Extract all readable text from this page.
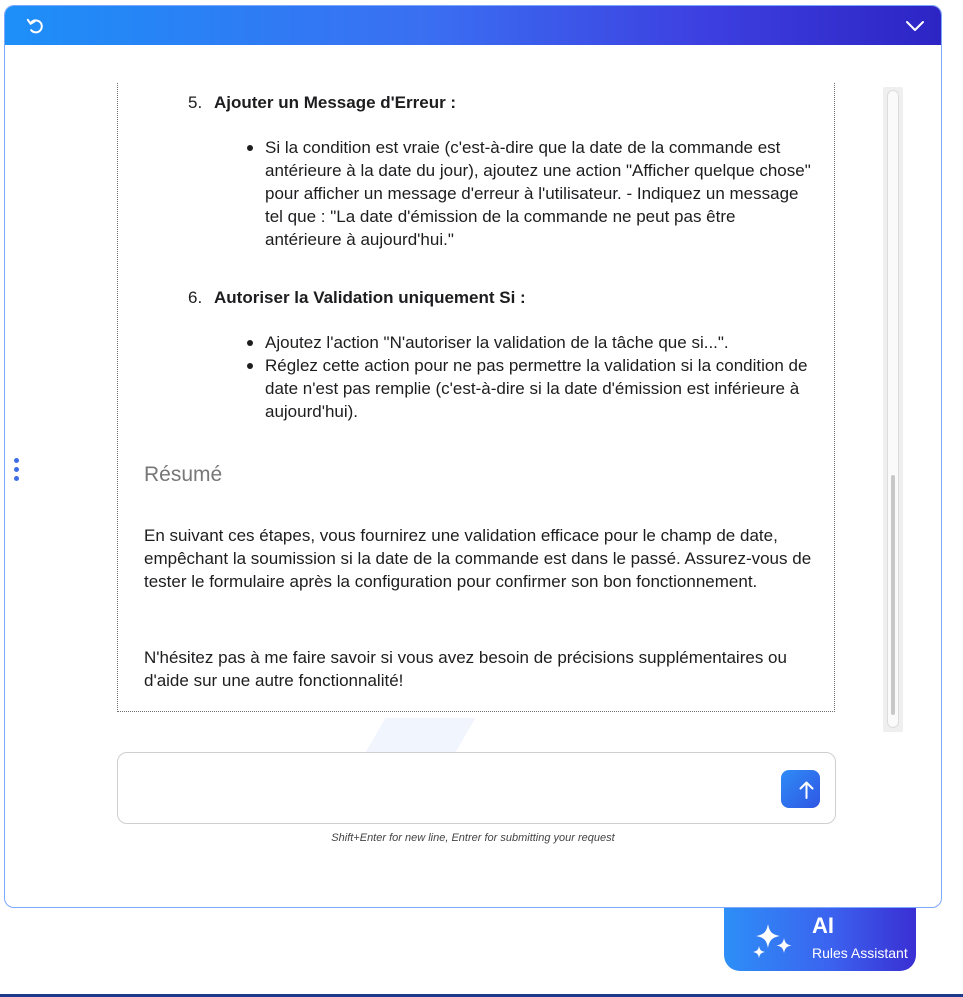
5. Ajouter un Message d'Erreur :
Si la condition est vraie (c'est-à-dire que la date de la commande est antérieure à la date du jour), ajoutez une action "Afficher quelque chose" pour afficher un message d'erreur à l'utilisateur. - Indiquez un message tel que : "La date d'émission de la commande ne peut pas être antérieure à aujourd'hui."
6. Autoriser la Validation uniquement Si :
Ajoutez l'action "N'autoriser la validation de la tâche que si...".
Réglez cette action pour ne pas permettre la validation si la condition de date n'est pas remplie (c'est-à-dire si la date d'émission est inférieure à aujourd'hui).
Résumé

En suivant ces étapes, vous fournirez une validation efficace pour le champ de date, empêchant la soumission si la date de la commande est dans le passé. Assurez-vous de tester le formulaire après la configuration pour confirmer son bon fonctionnement.

N'hésitez pas à me faire savoir si vous avez besoin de précisions supplémentaires ou d'aide sur une autre fonctionnalité!

Shift+Enter for new line, Entrer for submitting your request
AI
Rules Assistant
